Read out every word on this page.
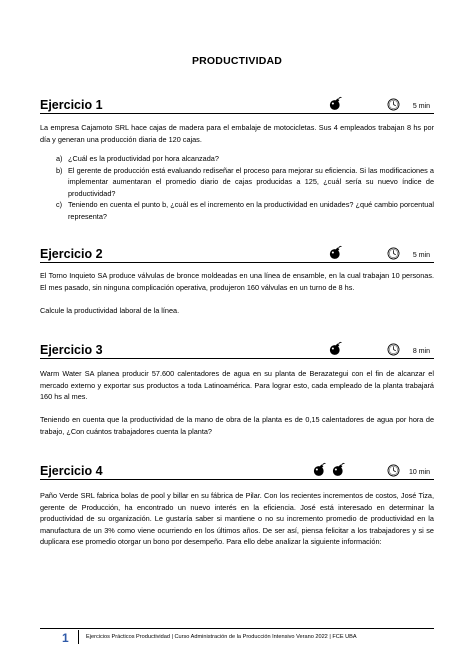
PRODUCTIVIDAD
Ejercicio 1	5 min

La empresa Cajamoto SRL hace cajas de madera para el embalaje de motocicletas. Sus 4 empleados trabajan 8 hs por día y generan una producción diaria de 120 cajas.

a) ¿Cuál es la productividad por hora alcanzada?
b) El gerente de producción está evaluando rediseñar el proceso para mejorar su eficiencia. Si las modificaciones a implementar aumentaran el promedio diario de cajas producidas a 125, ¿cuál sería su nuevo índice de productividad?
c) Teniendo en cuenta el punto b, ¿cuál es el incremento en la productividad en unidades? ¿qué cambio porcentual representa?
Ejercicio 2	5 min

El Torno Inquieto SA produce válvulas de bronce moldeadas en una línea de ensamble, en la cual trabajan 10 personas. El mes pasado, sin ninguna complicación operativa, produjeron 160 válvulas en un turno de 8 hs.

Calcule la productividad laboral de la línea.

Ejercicio 3	8 min

Warm Water SA planea producir 57.600 calentadores de agua en su planta de Berazategui con el fin de alcanzar el mercado externo y exportar sus productos a toda Latinoamérica. Para lograr esto, cada empleado de la planta trabajará 160 hs al mes.

Teniendo en cuenta que la productividad de la mano de obra de la planta es de 0,15 calentadores de agua por hora de trabajo, ¿Con cuántos trabajadores cuenta la planta?

Ejercicio 4	10 min

Paño Verde SRL fabrica bolas de pool y billar en su fábrica de Pilar. Con los recientes incrementos de costos, José Tiza, gerente de Producción, ha encontrado un nuevo interés en la eficiencia. José está interesado en determinar la productividad de su organización. Le gustaría saber si mantiene o no su incremento promedio de productividad en la manufactura de un 3% como viene ocurriendo en los últimos años. De ser así, piensa felicitar a los trabajadores y si se duplicara ese promedio otorgar un bono por desempeño. Para ello debe analizar la siguiente información:

1	Ejercicios Prácticos Productividad | Curso Administración de la Producción Intensivo Verano 2022 | FCE UBA
